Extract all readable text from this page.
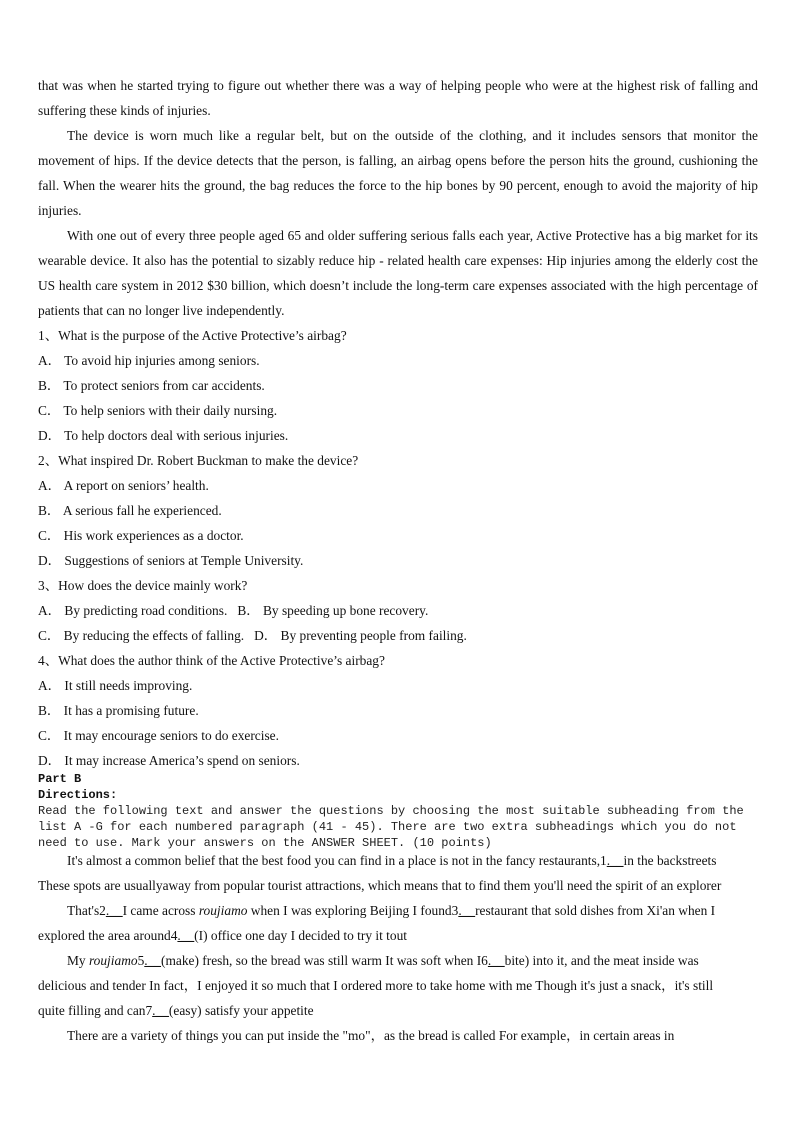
that was when he started trying to figure out whether there was a way of helping people who were at the highest risk of falling and suffering these kinds of injuries.
The device is worn much like a regular belt, but on the outside of the clothing, and it includes sensors that monitor the movement of hips. If the device detects that the person, is falling, an airbag opens before the person hits the ground, cushioning the fall. When the wearer hits the ground, the bag reduces the force to the hip bones by 90 percent, enough to avoid the majority of hip injuries.
With one out of every three people aged 65 and older suffering serious falls each year, Active Protective has a big market for its wearable device. It also has the potential to sizably reduce hip - related health care expenses: Hip injuries among the elderly cost the US health care system in 2012 $30 billion, which doesn’t include the long-term care expenses associated with the high percentage of patients that can no longer live independently.
1、What is the purpose of the Active Protective’s airbag?
A． To avoid hip injuries among seniors.
B． To protect seniors from car accidents.
C． To help seniors with their daily nursing.
D． To help doctors deal with serious injuries.
2、What inspired Dr. Robert Buckman to make the device?
A． A report on seniors’ health.
B． A serious fall he experienced.
C． His work experiences as a doctor.
D． Suggestions of seniors at Temple University.
3、How does the device mainly work?
A． By predicting road conditions. B． By speeding up bone recovery.
C． By reducing the effects of falling. D． By preventing people from failing.
4、What does the author think of the Active Protective’s airbag?
A． It still needs improving.
B． It has a promising future.
C． It may encourage seniors to do exercise.
D． It may increase America’s spend on seniors.
Part B
Directions:
Read the following text and answer the questions by choosing the most suitable subheading from the list A -G for each numbered paragraph (41 - 45). There are two extra subheadings which you do not need to use. Mark your answers on the ANSWER SHEET. (10 points)
It's almost a common belief that the best food you can find in a place is not in the fancy restaurants,1.__in the backstreets
These spots are usuallyaway from popular tourist attractions, which means that to find them you'll need the spirit of an explorer
That's2.__I came across roujiamo when I was exploring Beijing I found3.__restaurant that sold dishes from Xi'an when I
explored the area around4.__(I) office one day I decided to try it tout
My roujiamo5.__(make) fresh, so the bread was still warm It was soft when I6.__bite) into it, and the meat inside was
delicious and tender In fact，I enjoyed it so much that I ordered more to take home with me Though it's just a snack，it's still
quite filling and can7.__(easy) satisfy your appetite
There are a variety of things you can put inside the "mo"，as the bread is called For example，in certain areas in
